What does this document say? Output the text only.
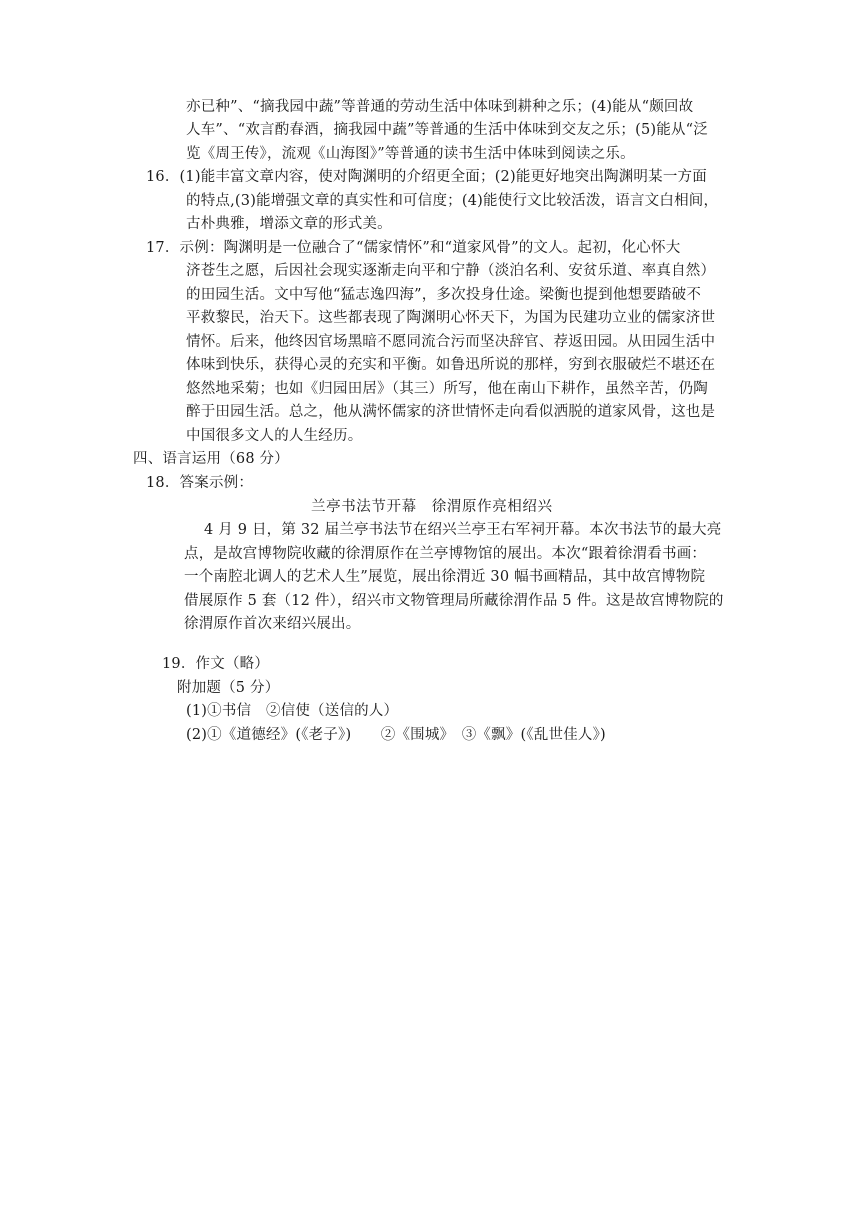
亦已种”、“摘我园中蔬”等普通的劳动生活中体味到耕种之乐；(4)能从“颇回故
人车”、“欢言酌春酒，摘我园中蔬”等普通的生活中体味到交友之乐；(5)能从“泛
览《周王传》，流观《山海图》”等普通的读书生活中体味到阅读之乐。
16．(1)能丰富文章内容，使对陶渊明的介绍更全面；(2)能更好地突出陶渊明某一方面
的特点,(3)能增强文章的真实性和可信度；(4)能使行文比较活泼，语言文白相间，
古朴典雅，增添文章的形式美。
17．示例：陶渊明是一位融合了“儒家情怀”和“道家风骨”的文人。起初，化心怀大
济苍生之愿，后因社会现实逐渐走向平和宁静（淡泊名利、安贫乐道、率真自然）
的田园生活。文中写他“猛志逸四海”，多次投身仕途。梁衡也提到他想要踏破不
平救黎民，治天下。这些都表现了陶渊明心怀天下，为国为民建功立业的儒家济世
情怀。后来，他终因官场黑暗不愿同流合污而坚决辞官、荐返田园。从田园生活中
体味到快乐，获得心灵的充实和平衡。如鲁迅所说的那样，穷到衣服破烂不堪还在
悠然地采菊；也如《归园田居》（其三）所写，他在南山下耕作，虽然辛苦，仍陶
醉于田园生活。总之，他从满怀儒家的济世情怀走向看似洒脱的道家风骨，这也是
中国很多文人的人生经历。
四、语言运用（68 分）
18．答案示例：
兰亭书法节开幕　徐渭原作亮相绍兴
4 月 9 日，第 32 届兰亭书法节在绍兴兰亭王右军祠开幕。本次书法节的最大亮
点，是故宫博物院收藏的徐渭原作在兰亭博物馆的展出。本次“跟着徐渭看书画：
一个南腔北调人的艺术人生”展览，展出徐渭近 30 幅书画精品，其中故宫博物院
借展原作 5 套（12 件），绍兴市文物管理局所藏徐渭作品 5 件。这是故宫博物院的
徐渭原作首次来绍兴展出。
19．作文（略）
附加题（5 分）
(1)①书信　②信使（送信的人）
(2)①《道德经》(《老子》)　　②《围城》　③《飘》(《乱世佳人》)
